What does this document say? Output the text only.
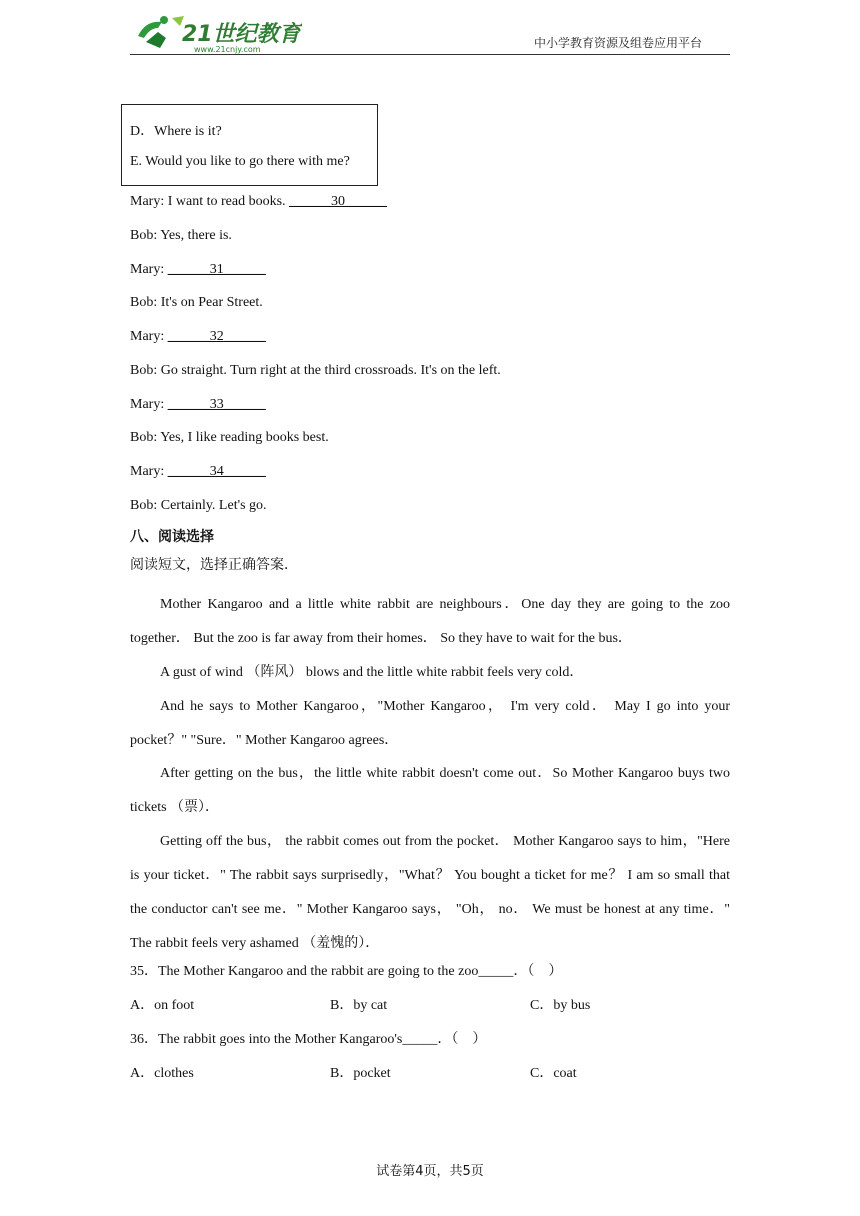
21世纪教育
www.21cnjy.com	中小学教育资源及组卷应用平台
D．Where is it?
E. Would you like to go there with me?
Mary: I want to read books. ______30______
Bob: Yes, there is.
Mary: ______31______
Bob: It's on Pear Street.
Mary: ______32______
Bob: Go straight. Turn right at the third crossroads. It's on the left.
Mary: ______33______
Bob: Yes, I like reading books best.
Mary: ______34______
Bob: Certainly. Let's go.
八、阅读选择
阅读短文，选择正确答案．
Mother Kangaroo and a little white rabbit are neighbours．One day they are going to the zoo together． But the zoo is far away from their homes． So they have to wait for the bus．
A gust of wind （阵风） blows and the little white rabbit feels very cold．
And he says to Mother Kangaroo，"Mother Kangaroo， I'm very cold． May I go into your pocket？" "Sure．" Mother Kangaroo agrees．
After getting on the bus，the little white rabbit doesn't come out．So Mother Kangaroo buys two tickets （票）．
Getting off the bus， the rabbit comes out from the pocket． Mother Kangaroo says to him，"Here is your ticket．" The rabbit says surprisedly，"What？ You bought a ticket for me？ I am so small that the conductor can't see me．" Mother Kangaroo says， "Oh， no． We must be honest at any time．" The rabbit feels very ashamed （羞愧的）．
35．The Mother Kangaroo and the rabbit are going to the zoo_____．（　）
A．on foot	B．by cat	C．by bus
36．The rabbit goes into the Mother Kangaroo's_____．（　）
A．clothes	B．pocket	C．coat
试卷第4页，共5页
